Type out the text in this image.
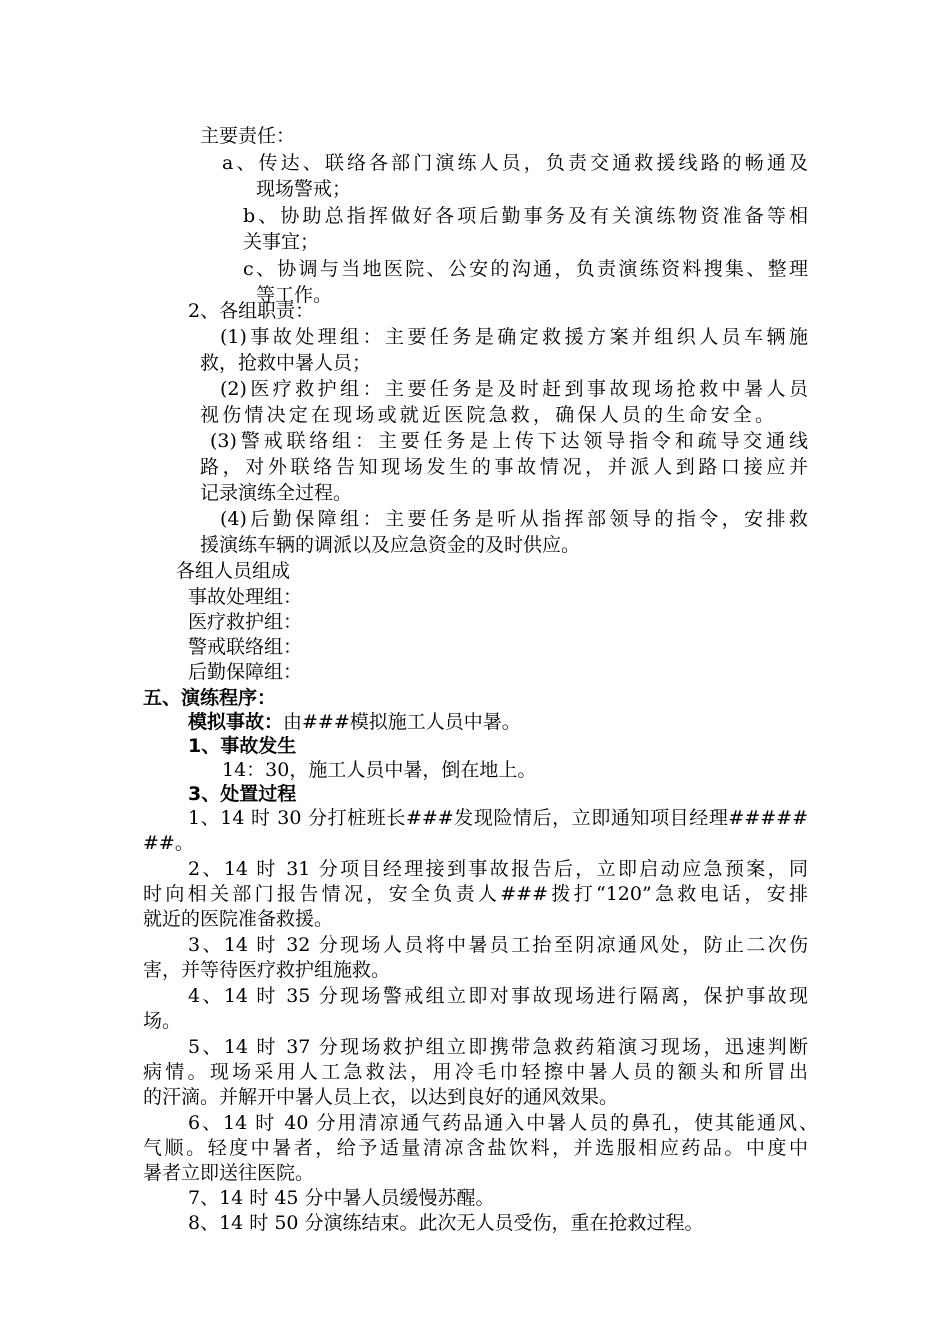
主要责任：
a、传达、联络各部门演练人员，负责交通救援线路的畅通及
现场警戒；
b、协助总指挥做好各项后勤事务及有关演练物资准备等相
关事宜；
c、协调与当地医院、公安的沟通，负责演练资料搜集、整理
等工作。
2、各组职责：
(1)事故处理组：主要任务是确定救援方案并组织人员车辆施
救，抢救中暑人员；
(2)医疗救护组：主要任务是及时赶到事故现场抢救中暑人员
视伤情决定在现场或就近医院急救，确保人员的生命安全。
(3)警戒联络组：主要任务是上传下达领导指令和疏导交通线
路，对外联络告知现场发生的事故情况，并派人到路口接应并
记录演练全过程。
(4)后勤保障组：主要任务是听从指挥部领导的指令，安排救
援演练车辆的调派以及应急资金的及时供应。
各组人员组成
事故处理组：
医疗救护组：
警戒联络组：
后勤保障组：
五、演练程序：
模拟事故：由###模拟施工人员中暑。
1、事故发生
14：30，施工人员中暑，倒在地上。
3、处置过程
1、14 时 30 分打桩班长###发现险情后，立即通知项目经理#####
##。
2、14 时 31 分项目经理接到事故报告后，立即启动应急预案，同
时向相关部门报告情况，安全负责人###拨打“120”急救电话，安排
就近的医院准备救援。
3、14 时 32 分现场人员将中暑员工抬至阴凉通风处，防止二次伤
害，并等待医疗救护组施救。
4、14 时 35 分现场警戒组立即对事故现场进行隔离，保护事故现
场。
5、14 时 37 分现场救护组立即携带急救药箱演习现场，迅速判断
病情。现场采用人工急救法，用冷毛巾轻擦中暑人员的额头和所冒出
的汗滴。并解开中暑人员上衣，以达到良好的通风效果。
6、14 时 40 分用清凉通气药品通入中暑人员的鼻孔，使其能通风、
气顺。轻度中暑者，给予适量清凉含盐饮料，并选服相应药品。中度中
暑者立即送往医院。
7、14 时 45 分中暑人员缓慢苏醒。
8、14 时 50 分演练结束。此次无人员受伤，重在抢救过程。
